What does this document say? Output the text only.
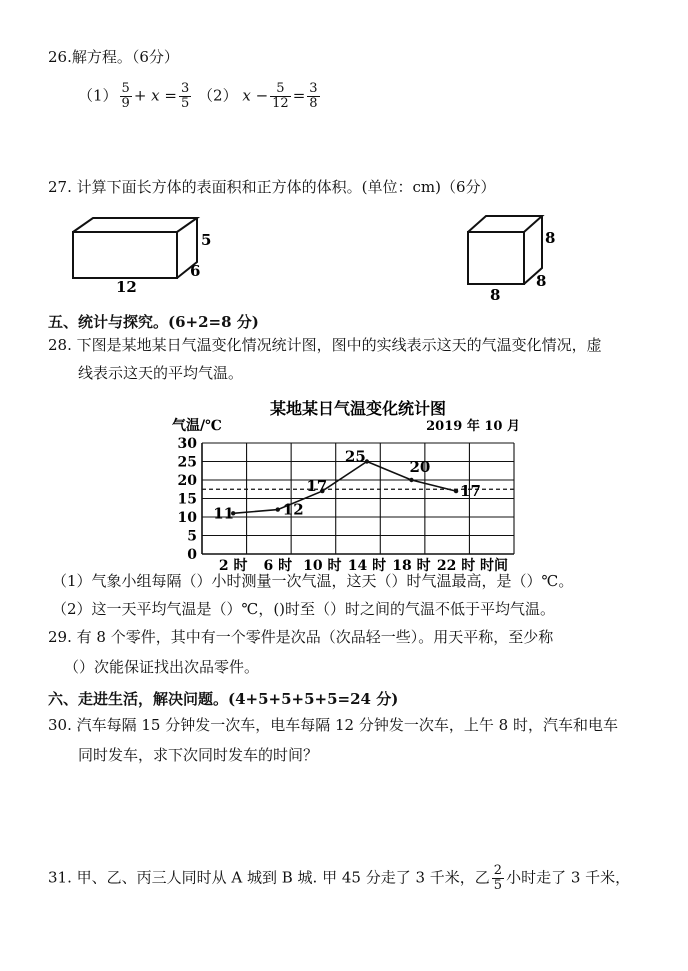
26.解方程。（6分）
$(1) \frac{5}{9} + x = \frac{3}{5} (2) x - \frac{5}{12} = \frac{3}{8}$
27. 计算下面长方体的表面积和正方体的体积。(单位：cm)（6分）
5
6
12
8
8
8
五、统计与探究。(6+2=8 分)
28. 下图是某地某日气温变化情况统计图，图中的实线表示这天的气温变化情况，虚
线表示这天的平均气温。
某地某日气温变化统计图
气温/℃	2019 年 10 月
0
5
10
15
20
25
30
2 时 6 时 10 时 14 时 18 时 22 时
11	12
17
25
20
17
时间
（1）气象小组每隔（）小时测量一次气温，这天（）时气温最高，是（）℃。
（2）这一天平均气温是（）℃，()时至（）时之间的气温不低于平均气温。
29. 有 8 个零件，其中有一个零件是次品（次品轻一些）。用天平称，至少称
（）次能保证找出次品零件。
六、走进生活，解决问题。(4+5+5+5+5=24 分)
30. 汽车每隔 15 分钟发一次车，电车每隔 12 分钟发一次车，上午 8 时，汽车和电车
同时发车，求下次同时发车的时间？
31. 甲、乙、丙三人同时从 A 城到 B 城. 甲 45 分走了 3 千米，乙 $\frac{2}{5}$ 小时走了 3 千米，
